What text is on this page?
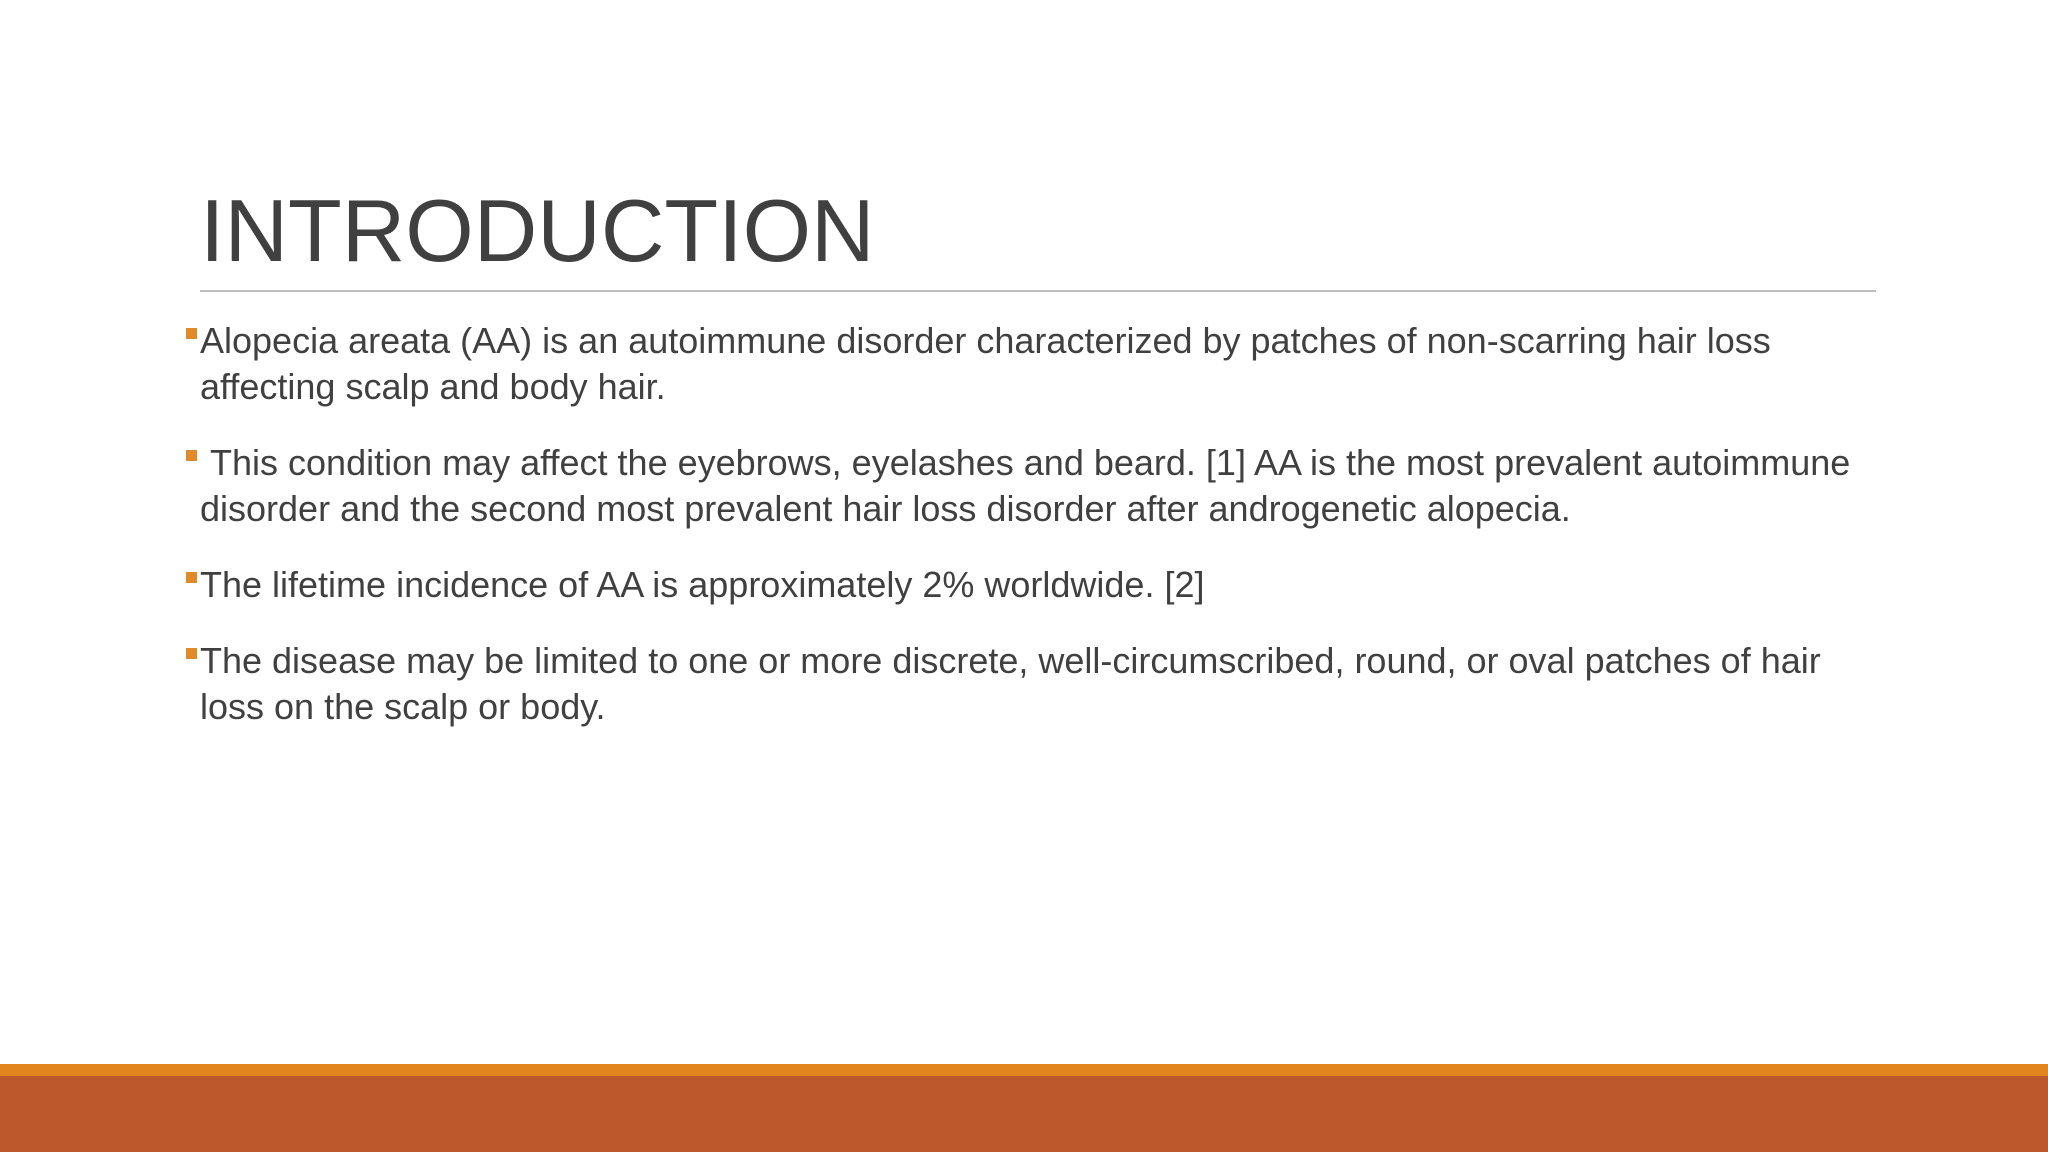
INTRODUCTION
Alopecia areata (AA) is an autoimmune disorder characterized by patches of non-scarring hair loss affecting scalp and body hair.
This condition may affect the eyebrows, eyelashes and beard. [1] AA is the most prevalent autoimmune disorder and the second most prevalent hair loss disorder after androgenetic alopecia.
The lifetime incidence of AA is approximately 2% worldwide. [2]
The disease may be limited to one or more discrete, well-circumscribed, round, or oval patches of hair loss on the scalp or body.
